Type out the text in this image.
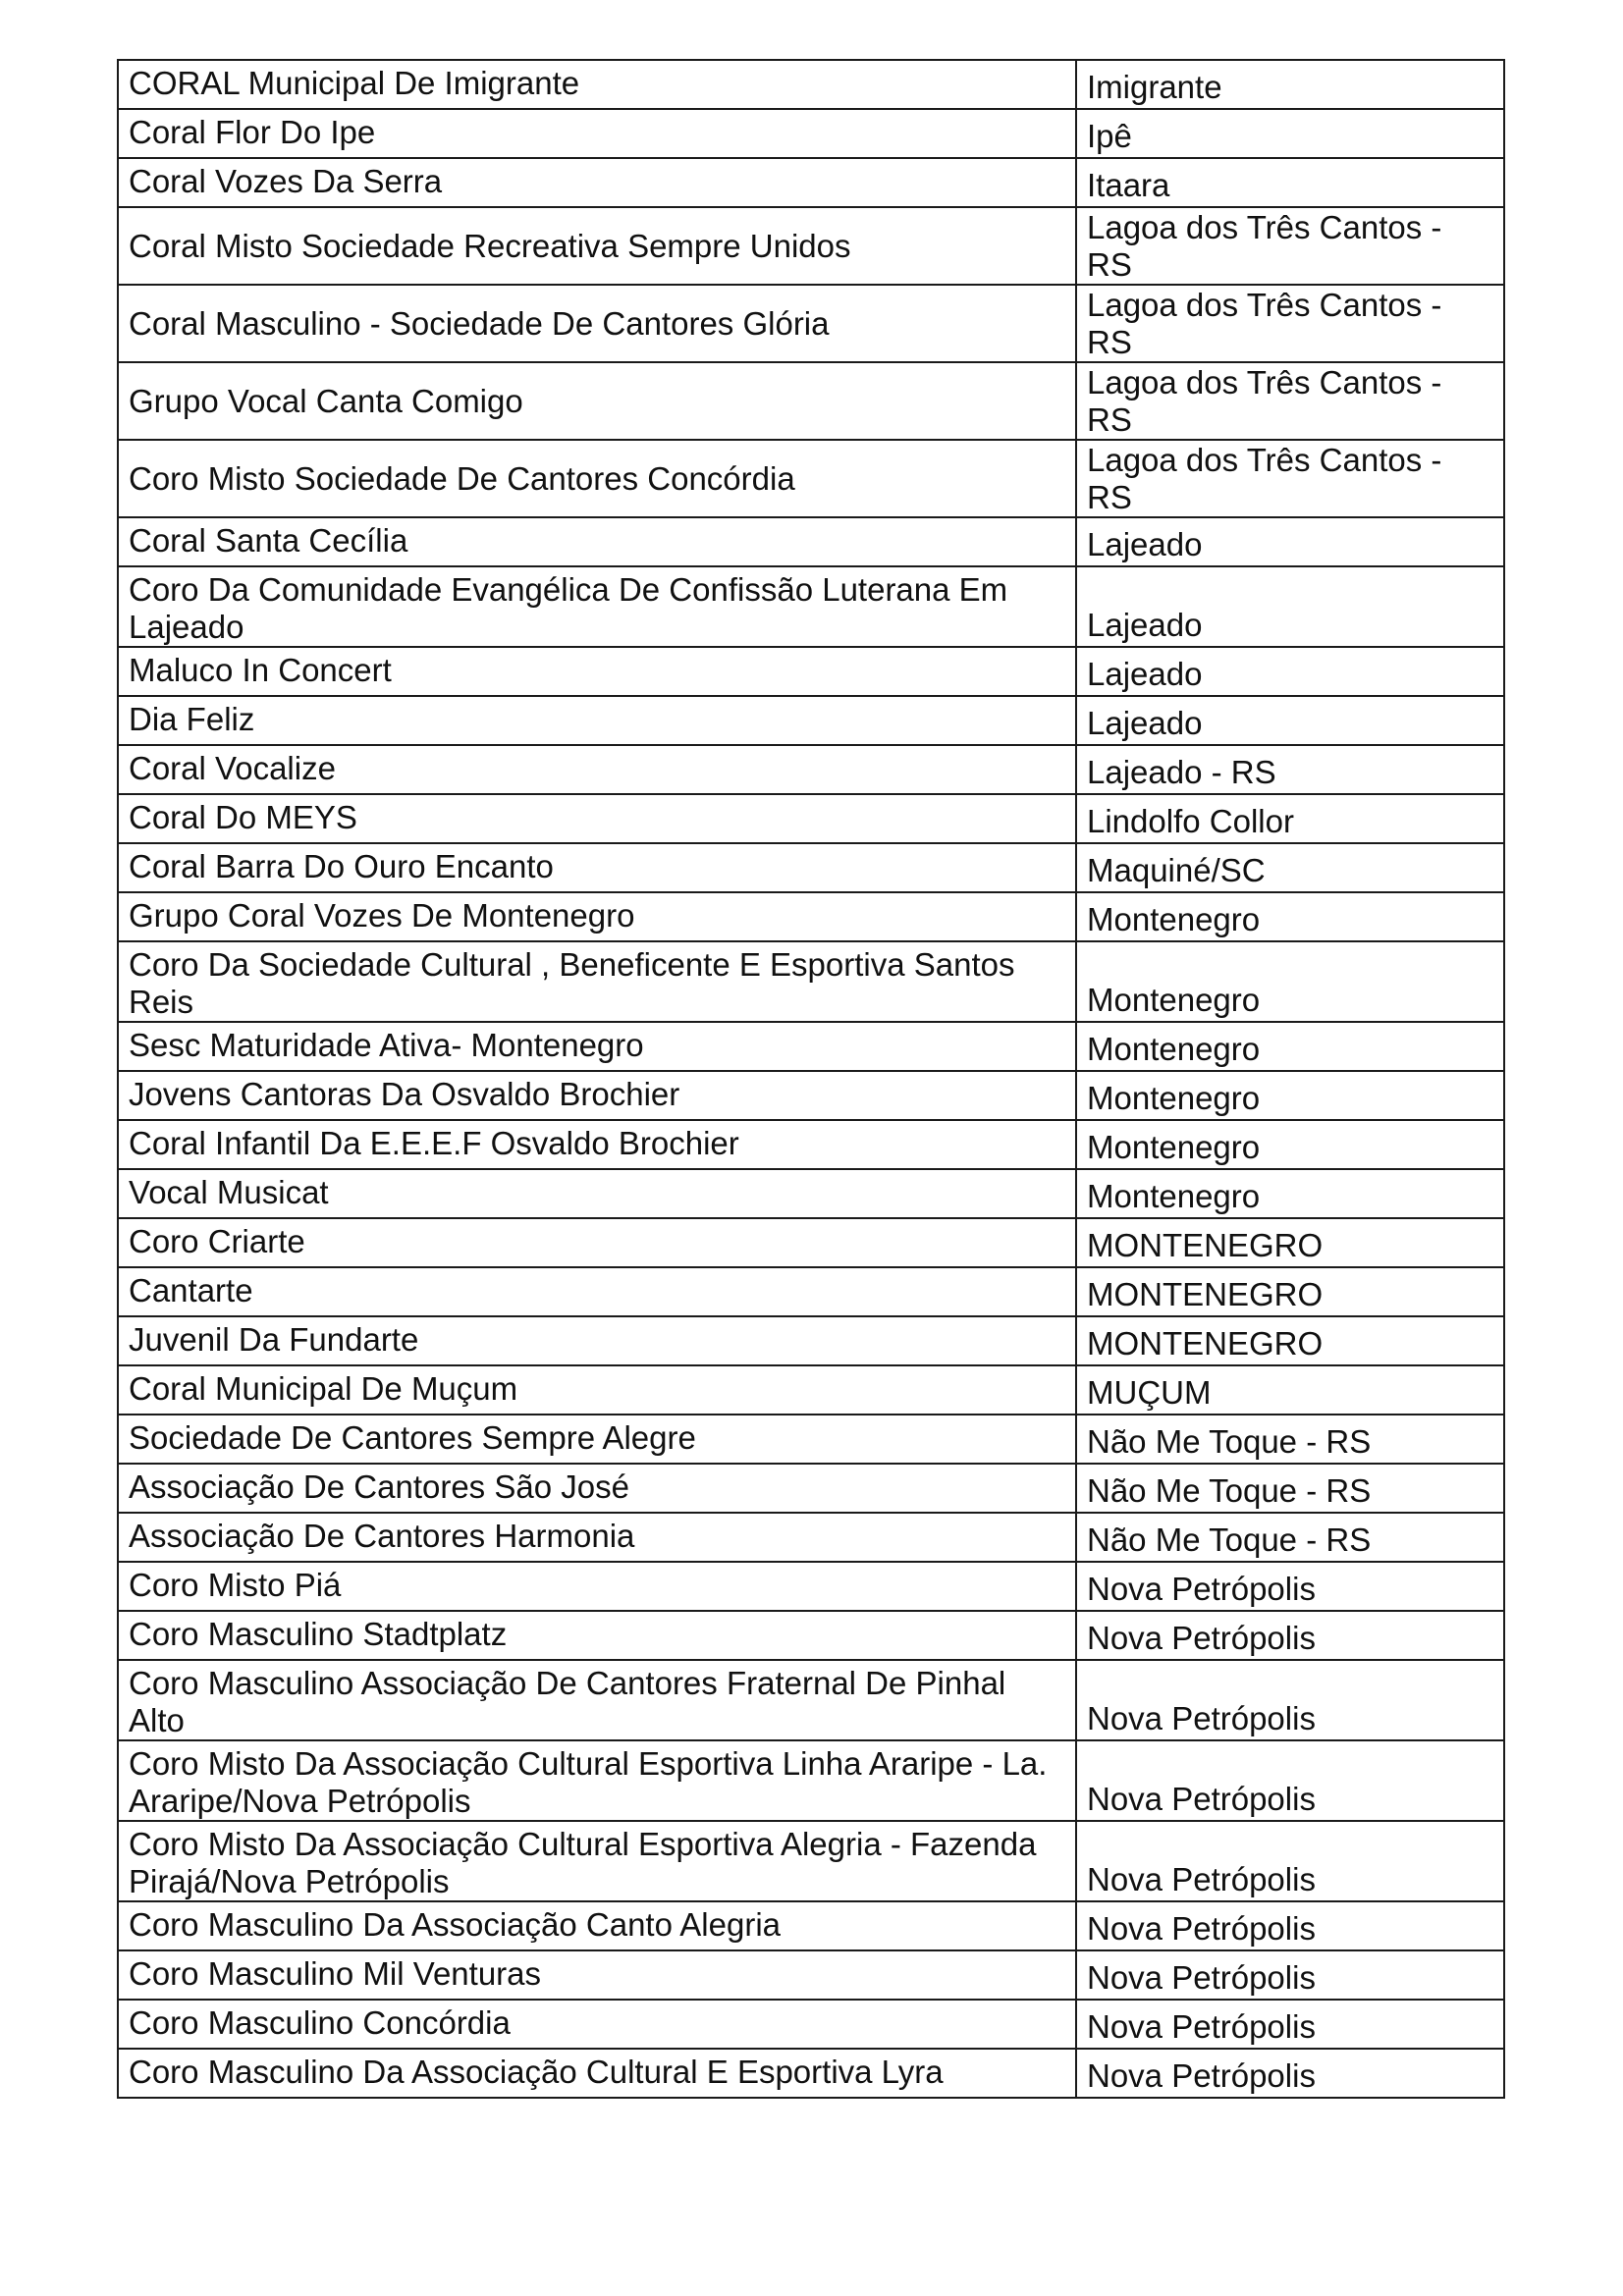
CORAL Municipal De Imigrante	Imigrante
Coral Flor Do Ipe	Ipê
Coral Vozes Da Serra	Itaara
Coral Misto Sociedade Recreativa Sempre Unidos	Lagoa dos Três Cantos - RS
Coral Masculino - Sociedade De Cantores Glória	Lagoa dos Três Cantos - RS
Grupo Vocal Canta Comigo	Lagoa dos Três Cantos - RS
Coro Misto Sociedade De Cantores Concórdia	Lagoa dos Três Cantos - RS
Coral Santa Cecília	Lajeado
Coro Da Comunidade Evangélica De Confissão Luterana Em Lajeado	Lajeado
Maluco In Concert	Lajeado
Dia Feliz	Lajeado
Coral Vocalize	Lajeado - RS
Coral Do MEYS	Lindolfo Collor
Coral Barra Do Ouro Encanto	Maquiné/SC
Grupo Coral Vozes De Montenegro	Montenegro
Coro Da Sociedade Cultural , Beneficente E Esportiva Santos Reis	Montenegro
Sesc Maturidade Ativa- Montenegro	Montenegro
Jovens Cantoras Da Osvaldo Brochier	Montenegro
Coral Infantil Da E.E.E.F Osvaldo Brochier	Montenegro
Vocal Musicat	Montenegro
Coro Criarte	MONTENEGRO
Cantarte	MONTENEGRO
Juvenil Da Fundarte	MONTENEGRO
Coral Municipal De Muçum	MUÇUM
Sociedade De Cantores Sempre Alegre	Não Me Toque - RS
Associação De Cantores São José	Não Me Toque - RS
Associação De Cantores Harmonia	Não Me Toque - RS
Coro Misto Piá	Nova Petrópolis
Coro Masculino Stadtplatz	Nova Petrópolis
Coro Masculino Associação De Cantores Fraternal De Pinhal Alto	Nova Petrópolis
Coro Misto Da Associação Cultural Esportiva Linha Araripe - La. Araripe/Nova Petrópolis	Nova Petrópolis
Coro Misto Da Associação Cultural Esportiva Alegria - Fazenda Pirajá/Nova Petrópolis	Nova Petrópolis
Coro Masculino Da Associação Canto Alegria	Nova Petrópolis
Coro Masculino Mil Venturas	Nova Petrópolis
Coro Masculino Concórdia	Nova Petrópolis
Coro Masculino Da Associação Cultural E Esportiva Lyra	Nova Petrópolis
